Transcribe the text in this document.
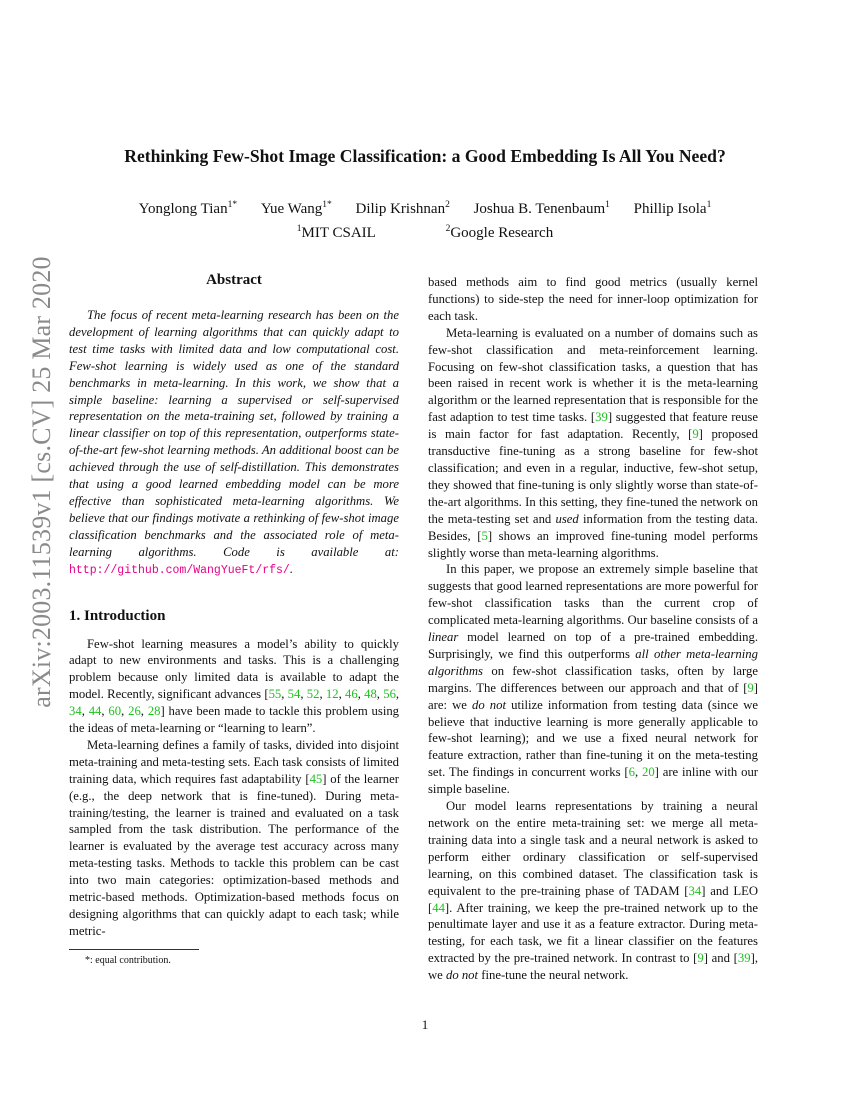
arXiv:2003.11539v1 [cs.CV] 25 Mar 2020
Rethinking Few-Shot Image Classification: a Good Embedding Is All You Need?
Yonglong Tian$^{1*}$ Yue Wang$^{1*}$ Dilip Krishnan$^2$ Joshua B. Tenenbaum$^1$ Phillip Isola$^1$
$^1$MIT CSAIL	$^2$Google Research
Abstract

The focus of recent meta-learning research has been on the development of learning algorithms that can quickly adapt to test time tasks with limited data and low computational cost. Few-shot learning is widely used as one of the standard benchmarks in meta-learning. In this work, we show that a simple baseline: learning a supervised or self-supervised representation on the meta-training set, followed by training a linear classifier on top of this representation, outperforms state-of-the-art few-shot learning methods. An additional boost can be achieved through the use of self-distillation. This demonstrates that using a good learned embedding model can be more effective than sophisticated meta-learning algorithms. We believe that our findings motivate a rethinking of few-shot image classification benchmarks and the associated role of meta-learning algorithms. Code is available at: http://github.com/WangYueFt/rfs/.

1. Introduction

Few-shot learning measures a model’s ability to quickly adapt to new environments and tasks. This is a challenging problem because only limited data is available to adapt the model. Recently, significant advances [55, 54, 52, 12, 46, 48, 56, 34, 44, 60, 26, 28] have been made to tackle this problem using the ideas of meta-learning or “learning to learn”.

Meta-learning defines a family of tasks, divided into disjoint meta-training and meta-testing sets. Each task consists of limited training data, which requires fast adaptability [45] of the learner (e.g., the deep network that is fine-tuned). During meta-training/testing, the learner is trained and evaluated on a task sampled from the task distribution. The performance of the learner is evaluated by the average test accuracy across many meta-testing tasks. Methods to tackle this problem can be cast into two main categories: optimization-based methods and metric-based methods. Optimization-based methods focus on designing algorithms that can quickly adapt to each task; while metric-

*: equal contribution.

based methods aim to find good metrics (usually kernel functions) to side-step the need for inner-loop optimization for each task.

Meta-learning is evaluated on a number of domains such as few-shot classification and meta-reinforcement learning. Focusing on few-shot classification tasks, a question that has been raised in recent work is whether it is the meta-learning algorithm or the learned representation that is responsible for the fast adaption to test time tasks. [39] suggested that feature reuse is main factor for fast adaptation. Recently, [9] proposed transductive fine-tuning as a strong baseline for few-shot classification; and even in a regular, inductive, few-shot setup, they showed that fine-tuning is only slightly worse than state-of-the-art algorithms. In this setting, they fine-tuned the network on the meta-testing set and used information from the testing data. Besides, [5] shows an improved fine-tuning model performs slightly worse than meta-learning algorithms.

In this paper, we propose an extremely simple baseline that suggests that good learned representations are more powerful for few-shot classification tasks than the current crop of complicated meta-learning algorithms. Our baseline consists of a linear model learned on top of a pre-trained embedding. Surprisingly, we find this outperforms all other meta-learning algorithms on few-shot classification tasks, often by large margins. The differences between our approach and that of [9] are: we do not utilize information from testing data (since we believe that inductive learning is more generally applicable to few-shot learning); and we use a fixed neural network for feature extraction, rather than fine-tuning it on the meta-testing set. The findings in concurrent works [6, 20] are inline with our simple baseline.

Our model learns representations by training a neural network on the entire meta-training set: we merge all meta-training data into a single task and a neural network is asked to perform either ordinary classification or self-supervised learning, on this combined dataset. The classification task is equivalent to the pre-training phase of TADAM [34] and LEO [44]. After training, we keep the pre-trained network up to the penultimate layer and use it as a feature extractor. During meta-testing, for each task, we fit a linear classifier on the features extracted by the pre-trained network. In contrast to [9] and [39], we do not fine-tune the neural network.

1
